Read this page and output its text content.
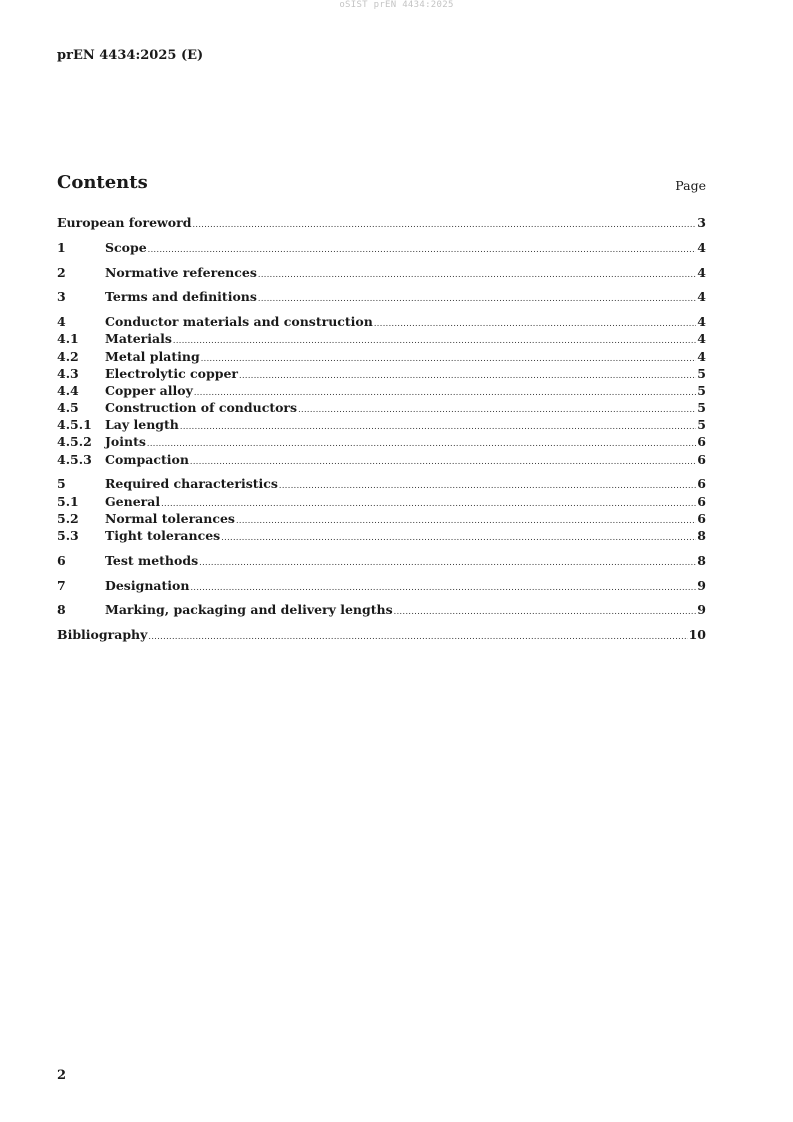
oSIST prEN 4434:2025
prEN 4434:2025 (E)
Contents	Page
European foreword .....	3
1	Scope .....	4
2	Normative references .....	4
3	Terms and definitions .....	4
4	Conductor materials and construction .....	4
4.1	Materials .....	4
4.2	Metal plating .....	4
4.3	Electrolytic copper .....	5
4.4	Copper alloy .....	5
4.5	Construction of conductors .....	5
4.5.1	Lay length .....	5
4.5.2	Joints .....	6
4.5.3	Compaction .....	6
5	Required characteristics .....	6
5.1	General .....	6
5.2	Normal tolerances .....	6
5.3	Tight tolerances .....	8
6	Test methods .....	8
7	Designation .....	9
8	Marking, packaging and delivery lengths .....	9
Bibliography .....	10
2
